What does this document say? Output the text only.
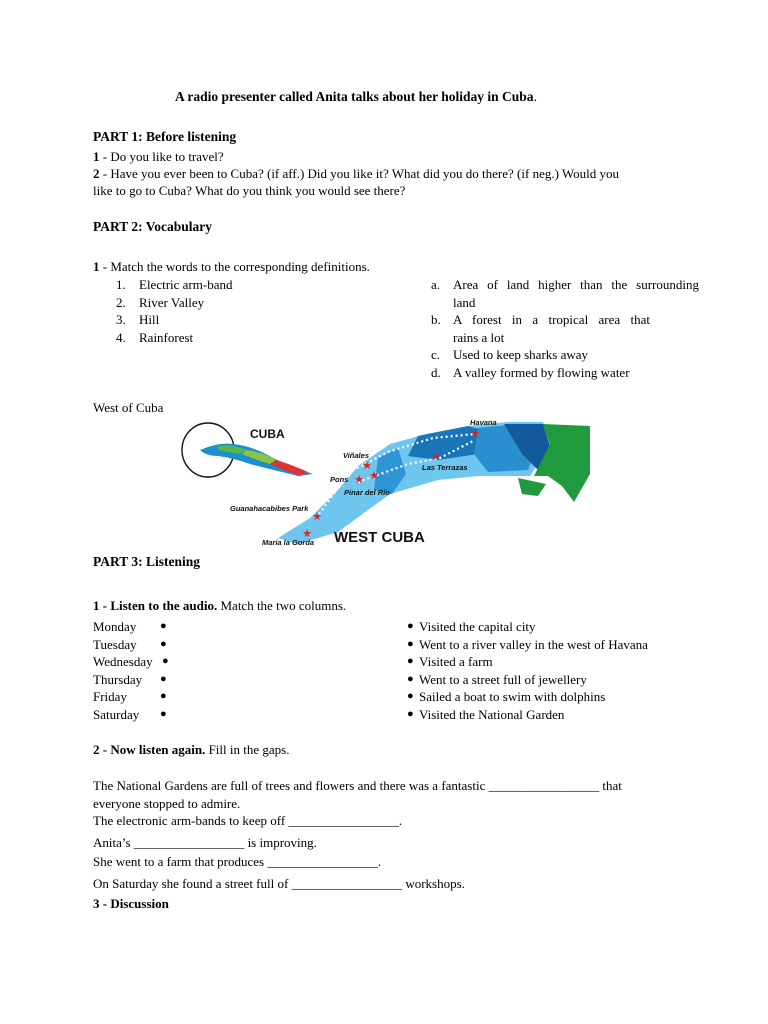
A radio presenter called Anita talks about her holiday in Cuba.
PART 1: Before listening
1 - Do you like to travel?
2 - Have you ever been to Cuba? (if aff.) Did you like it? What did you do there? (if neg.) Would you
like to go to Cuba? What do you think you would see there?
PART 2: Vocabulary
1 - Match the words to the corresponding definitions.
1. Electric arm-band
2. River Valley
3. Hill
4. Rainforest
a. Area of land higher than the surrounding
land
b. A forest in a tropical area that
rains a lot
c. Used to keep sharks away
d. A valley formed by flowing water
West of Cuba
CUBA
★
★ ★
★
★
★
★
Havana
Viñales
Las Terrazas
Pons
Pinar del Rio
Guanahacabibes Park
Maria la Gorda WEST CUBA
PART 3: Listening
1 - Listen to the audio. Match the two columns.
Monday ●
Tuesday ●
Wednesday ●
Thursday ●
Friday	●
Saturday ●
● Visited the capital city
● Went to a river valley in the west of Havana
● Visited a farm
● Went to a street full of jewellery
● Sailed a boat to swim with dolphins
● Visited the National Garden
2 - Now listen again. Fill in the gaps.
The National Gardens are full of trees and flowers and there was a fantastic _________________ that
everyone stopped to admire.
The electronic arm-bands to keep off _________________.
Anita’s _________________ is improving.
She went to a farm that produces _________________.
On Saturday she found a street full of _________________ workshops.
3 - Discussion
